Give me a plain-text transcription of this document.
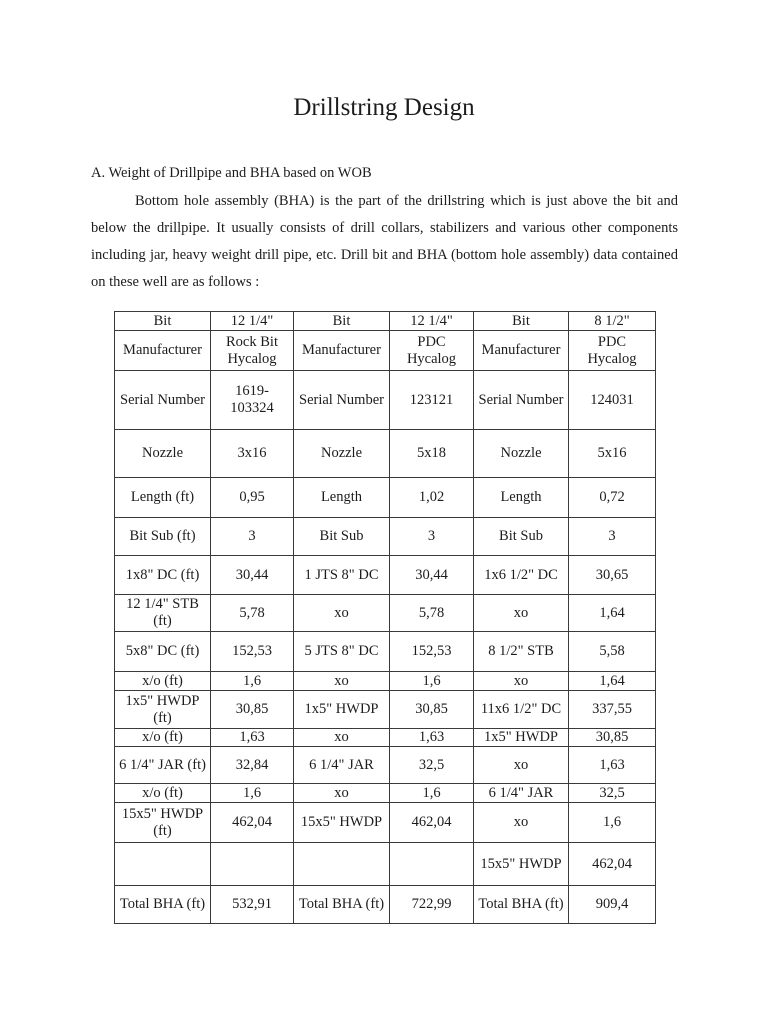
Drillstring Design
A. Weight of Drillpipe and BHA based on WOB

Bottom hole assembly (BHA) is the part of the drillstring which is just above the bit and below the drillpipe. It usually consists of drill collars, stabilizers and various other components including jar, heavy weight drill pipe, etc. Drill bit and BHA (bottom hole assembly) data contained on these well are as follows :

Bit	12 1/4"	Bit	12 1/4"	Bit	8 1/2"
Manufacturer	Rock Bit Hycalog	Manufacturer	PDC Hycalog	Manufacturer	PDC Hycalog
Serial Number	1619-103324	Serial Number	123121	Serial Number	124031
Nozzle	3x16	Nozzle	5x18	Nozzle	5x16
Length (ft)	0,95	Length	1,02	Length	0,72
Bit Sub (ft)	3	Bit Sub	3	Bit Sub	3
1x8" DC (ft)	30,44	1 JTS 8" DC	30,44	1x6 1/2" DC	30,65
12 1/4" STB (ft)	5,78	xo	5,78	xo	1,64
5x8" DC (ft)	152,53	5 JTS 8" DC	152,53	8 1/2" STB	5,58
x/o (ft)	1,6	xo	1,6	xo	1,64
1x5" HWDP (ft)	30,85	1x5" HWDP	30,85	11x6 1/2" DC	337,55
x/o (ft)	1,63	xo	1,63	1x5" HWDP	30,85
6 1/4" JAR (ft)	32,84	6 1/4" JAR	32,5	xo	1,63
x/o (ft)	1,6	xo	1,6	6 1/4" JAR	32,5
15x5" HWDP (ft)	462,04	15x5" HWDP	462,04	xo	1,6
				15x5" HWDP	462,04
Total BHA (ft)	532,91	Total BHA (ft)	722,99	Total BHA (ft)	909,4
